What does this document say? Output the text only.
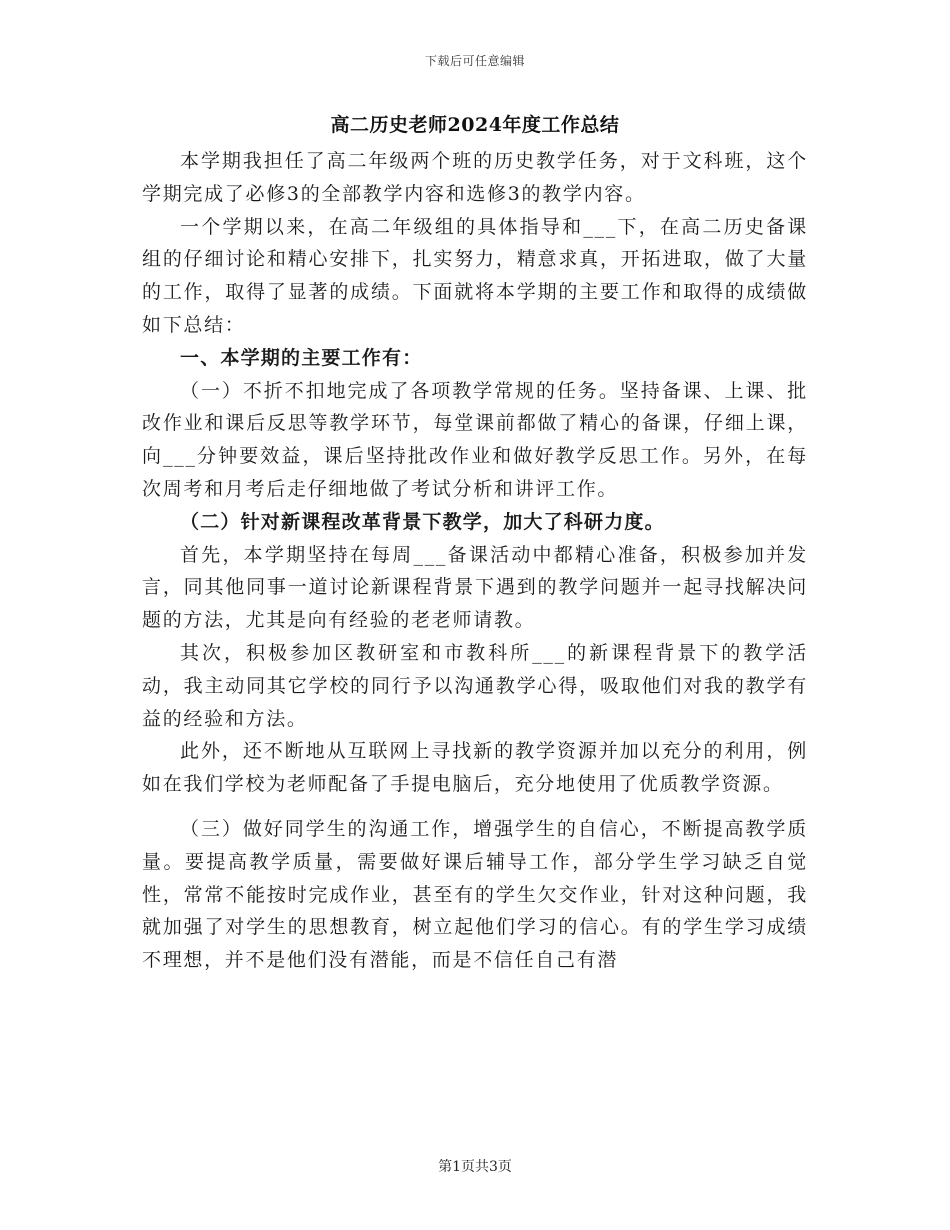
下载后可任意编辑
高二历史老师2024年度工作总结

本学期我担任了高二年级两个班的历史教学任务，对于文科班，这个学期完成了必修3的全部教学内容和选修3的教学内容。

一个学期以来，在高二年级组的具体指导和___下，在高二历史备课组的仔细讨论和精心安排下，扎实努力，精意求真，开拓进取，做了大量的工作，取得了显著的成绩。下面就将本学期的主要工作和取得的成绩做如下总结：

一、本学期的主要工作有：

（一）不折不扣地完成了各项教学常规的任务。坚持备课、上课、批改作业和课后反思等教学环节，每堂课前都做了精心的备课，仔细上课，向___分钟要效益，课后坚持批改作业和做好教学反思工作。另外，在每次周考和月考后走仔细地做了考试分析和讲评工作。

（二）针对新课程改革背景下教学，加大了科研力度。

首先，本学期坚持在每周___备课活动中都精心准备，积极参加并发言，同其他同事一道讨论新课程背景下遇到的教学问题并一起寻找解决问题的方法，尤其是向有经验的老老师请教。

其次，积极参加区教研室和市教科所___的新课程背景下的教学活动，我主动同其它学校的同行予以沟通教学心得，吸取他们对我的教学有益的经验和方法。

此外，还不断地从互联网上寻找新的教学资源并加以充分的利用，例如在我们学校为老师配备了手提电脑后，充分地使用了优质教学资源。

（三）做好同学生的沟通工作，增强学生的自信心，不断提高教学质量。要提高教学质量，需要做好课后辅导工作，部分学生学习缺乏自觉性，常常不能按时完成作业，甚至有的学生欠交作业，针对这种问题，我就加强了对学生的思想教育，树立起他们学习的信心。有的学生学习成绩不理想，并不是他们没有潜能，而是不信任自己有潜

第1页共3页
